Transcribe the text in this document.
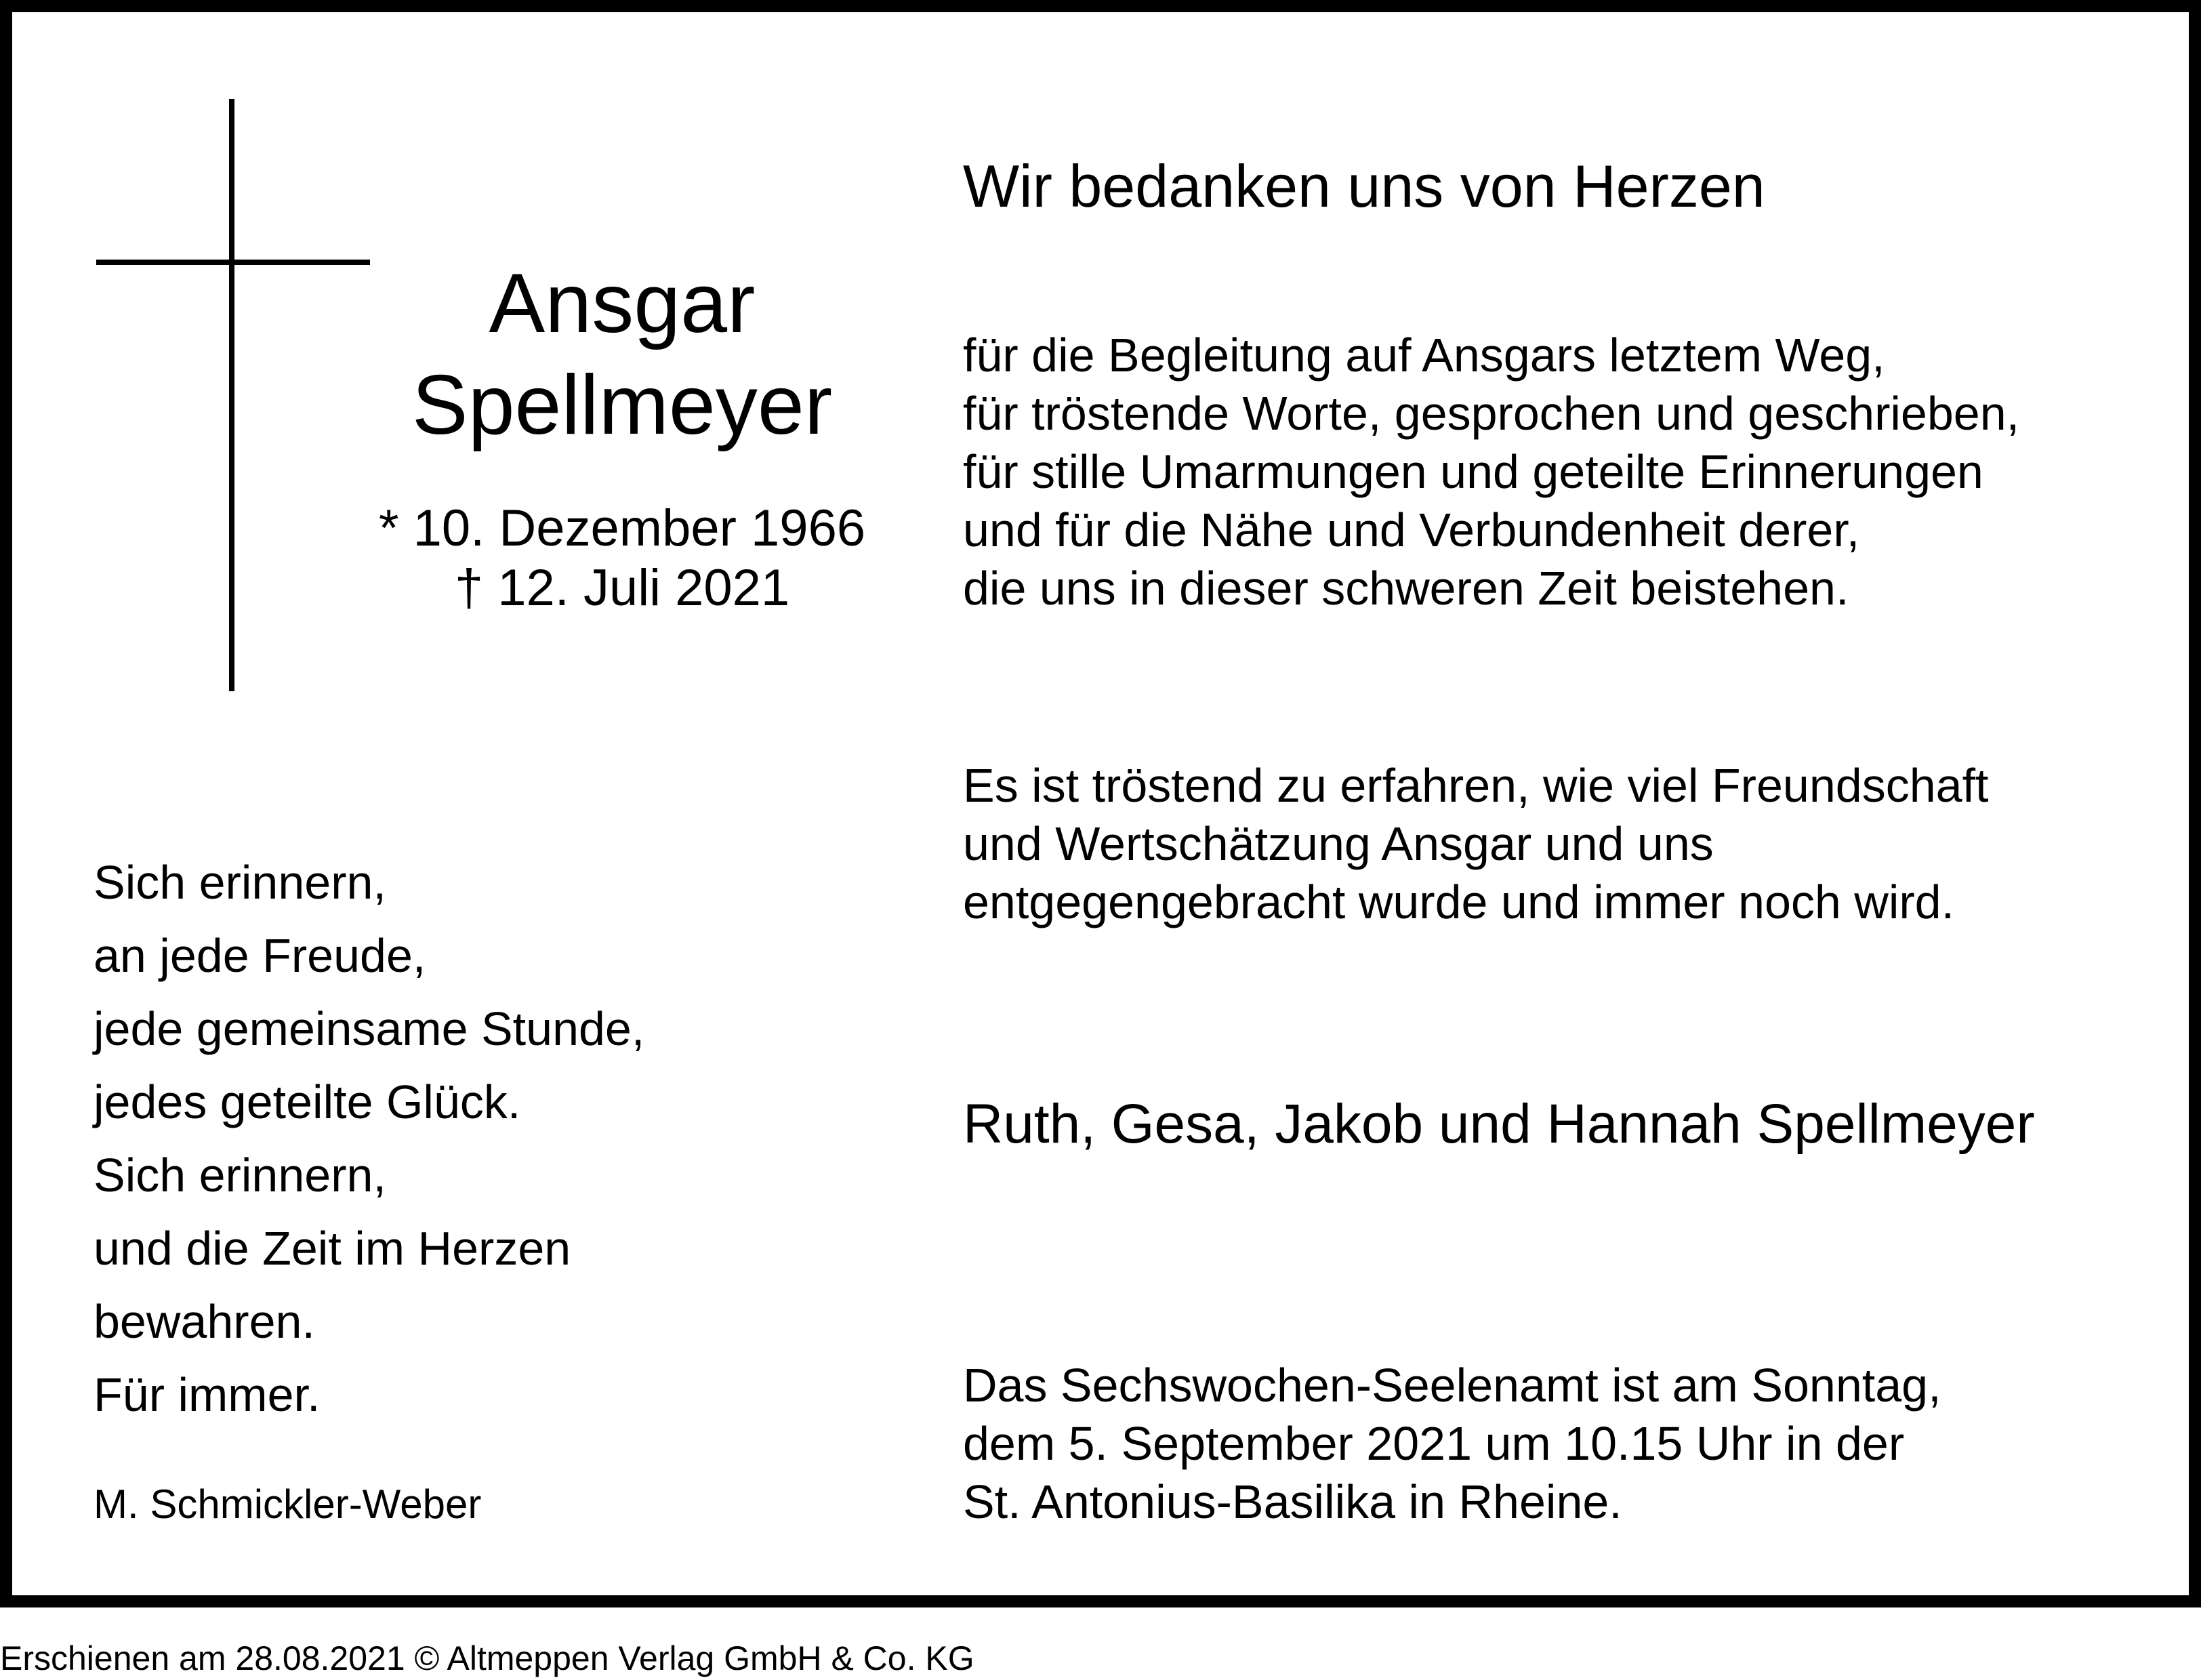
Ansgar
Spellmeyer
* 10. Dezember 1966
† 12. Juli 2021
Wir bedanken uns von Herzen
für die Begleitung auf Ansgars letztem Weg,
für tröstende Worte, gesprochen und geschrieben,
für stille Umarmungen und geteilte Erinnerungen
und für die Nähe und Verbundenheit derer,
die uns in dieser schweren Zeit beistehen.
Es ist tröstend zu erfahren, wie viel Freundschaft
und Wertschätzung Ansgar und uns
entgegengebracht wurde und immer noch wird.
Ruth, Gesa, Jakob und Hannah Spellmeyer
Das Sechswochen-Seelenamt ist am Sonntag,
dem 5. September 2021 um 10.15 Uhr in der
St. Antonius-Basilika in Rheine.
Sich erinnern,
an jede Freude,
jede gemeinsame Stunde,
jedes geteilte Glück.
Sich erinnern,
und die Zeit im Herzen
bewahren.
Für immer.
M. Schmickler-Weber
Erschienen am 28.08.2021 © Altmeppen Verlag GmbH & Co. KG
